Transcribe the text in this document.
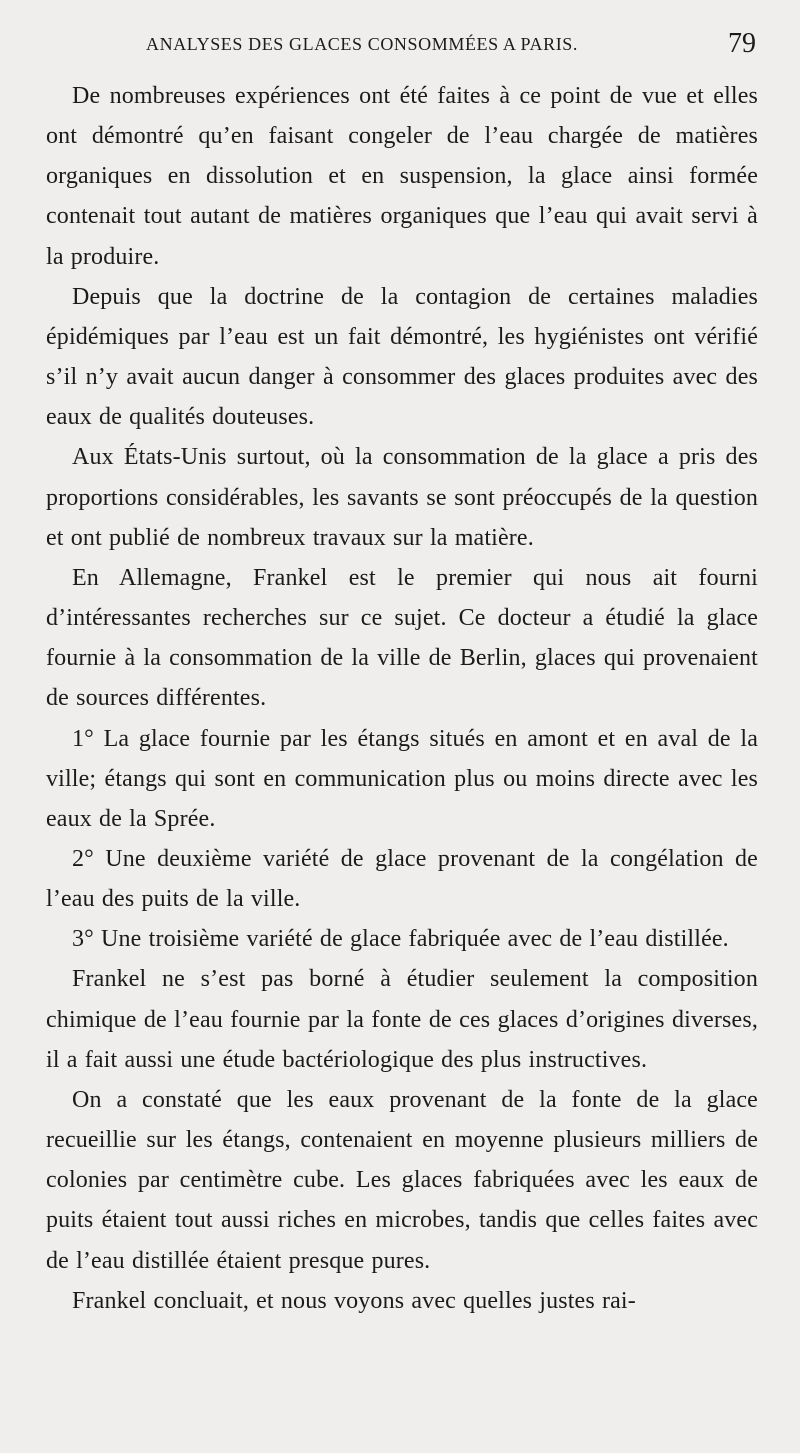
ANALYSES DES GLACES CONSOMMÉES A PARIS.	79

De nombreuses expériences ont été faites à ce point de vue et elles ont démontré qu’en faisant congeler de l’eau chargée de matières organiques en dissolution et en suspension, la glace ainsi formée contenait tout autant de matières organiques que l’eau qui avait servi à la produire.

Depuis que la doctrine de la contagion de certaines maladies épidémiques par l’eau est un fait démontré, les hygiénistes ont vérifié s’il n’y avait aucun danger à consommer des glaces produites avec des eaux de qualités douteuses.

Aux États-Unis surtout, où la consommation de la glace a pris des proportions considérables, les savants se sont préoccupés de la question et ont publié de nombreux travaux sur la matière.

En Allemagne, Frankel est le premier qui nous ait fourni d’intéressantes recherches sur ce sujet. Ce docteur a étudié la glace fournie à la consommation de la ville de Berlin, glaces qui provenaient de sources différentes.

1° La glace fournie par les étangs situés en amont et en aval de la ville; étangs qui sont en communication plus ou moins directe avec les eaux de la Sprée.

2° Une deuxième variété de glace provenant de la congélation de l’eau des puits de la ville.

3° Une troisième variété de glace fabriquée avec de l’eau distillée.

Frankel ne s’est pas borné à étudier seulement la composition chimique de l’eau fournie par la fonte de ces glaces d’origines diverses, il a fait aussi une étude bactériologique des plus instructives.

On a constaté que les eaux provenant de la fonte de la glace recueillie sur les étangs, contenaient en moyenne plusieurs milliers de colonies par centimètre cube. Les glaces fabriquées avec les eaux de puits étaient tout aussi riches en microbes, tandis que celles faites avec de l’eau distillée étaient presque pures.

Frankel concluait, et nous voyons avec quelles justes rai-
